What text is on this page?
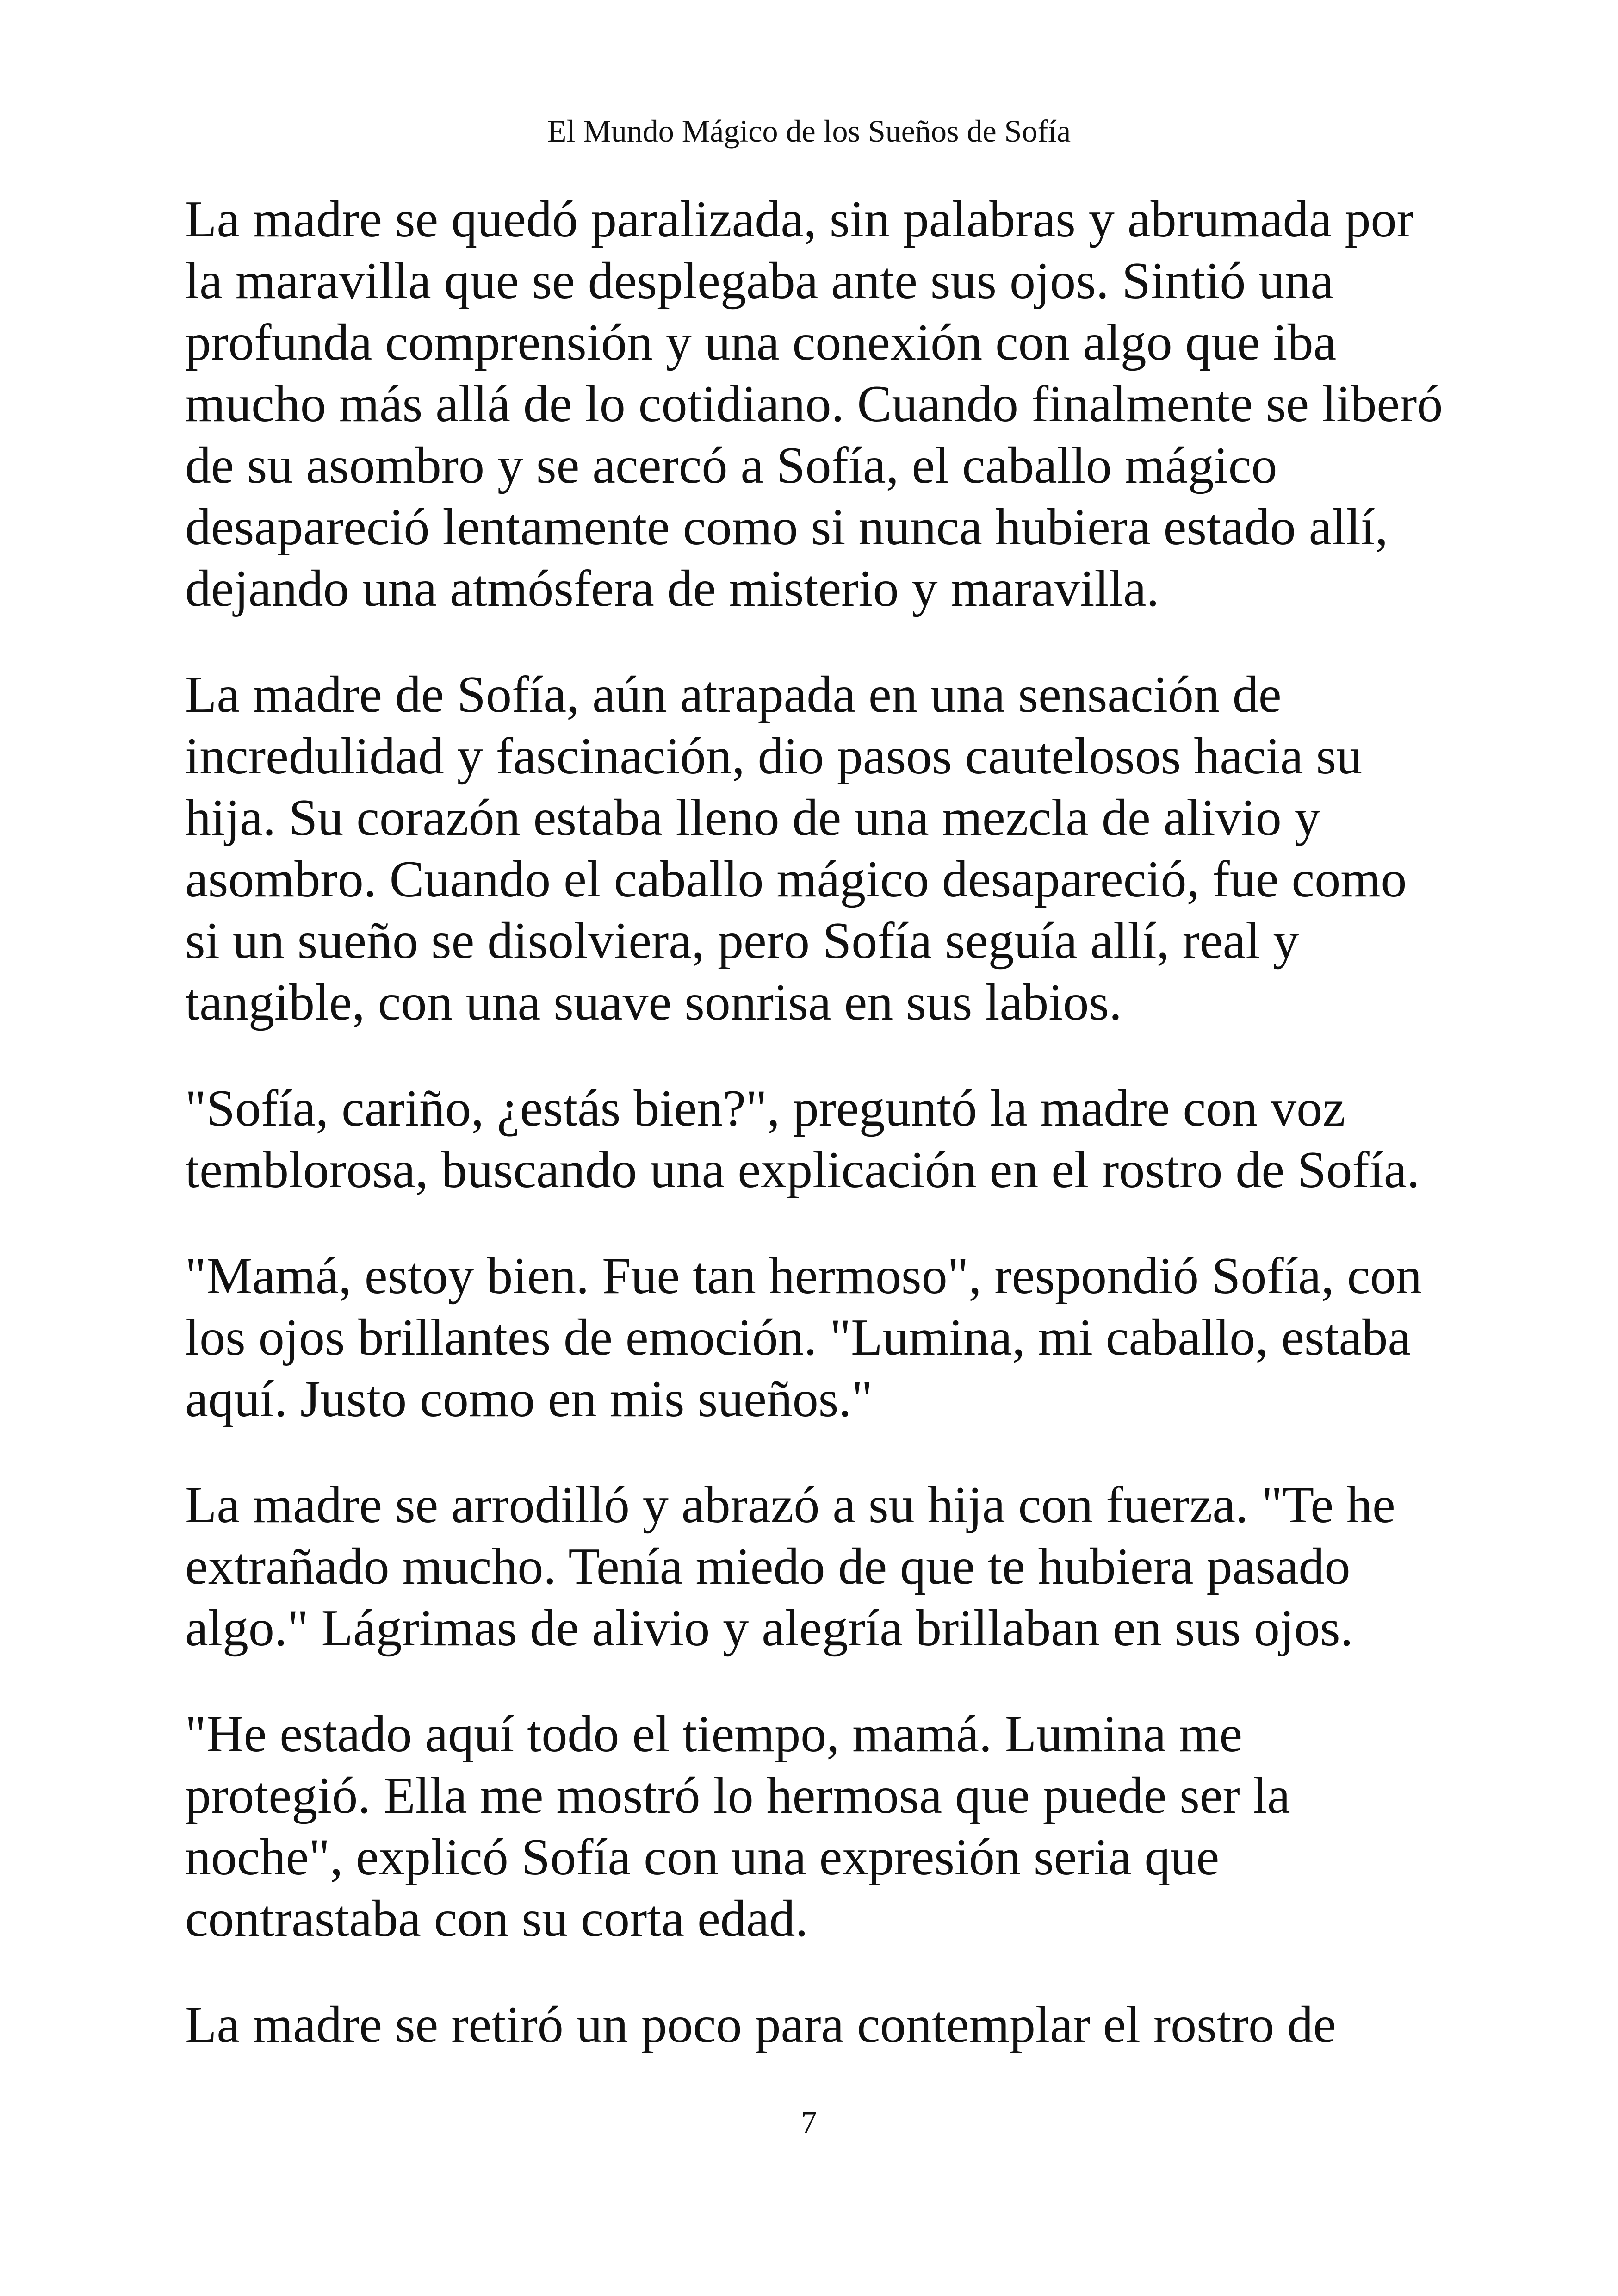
El Mundo Mágico de los Sueños de Sofía

La madre se quedó paralizada, sin palabras y abrumada por
la maravilla que se desplegaba ante sus ojos. Sintió una
profunda comprensión y una conexión con algo que iba
mucho más allá de lo cotidiano. Cuando finalmente se liberó
de su asombro y se acercó a Sofía, el caballo mágico
desapareció lentamente como si nunca hubiera estado allí,
dejando una atmósfera de misterio y maravilla.

La madre de Sofía, aún atrapada en una sensación de
incredulidad y fascinación, dio pasos cautelosos hacia su
hija. Su corazón estaba lleno de una mezcla de alivio y
asombro. Cuando el caballo mágico desapareció, fue como
si un sueño se disolviera, pero Sofía seguía allí, real y
tangible, con una suave sonrisa en sus labios.

"Sofía, cariño, ¿estás bien?", preguntó la madre con voz
temblorosa, buscando una explicación en el rostro de Sofía.

"Mamá, estoy bien. Fue tan hermoso", respondió Sofía, con
los ojos brillantes de emoción. "Lumina, mi caballo, estaba
aquí. Justo como en mis sueños."

La madre se arrodilló y abrazó a su hija con fuerza. "Te he
extrañado mucho. Tenía miedo de que te hubiera pasado
algo." Lágrimas de alivio y alegría brillaban en sus ojos.

"He estado aquí todo el tiempo, mamá. Lumina me
protegió. Ella me mostró lo hermosa que puede ser la
noche", explicó Sofía con una expresión seria que
contrastaba con su corta edad.

La madre se retiró un poco para contemplar el rostro de

7
